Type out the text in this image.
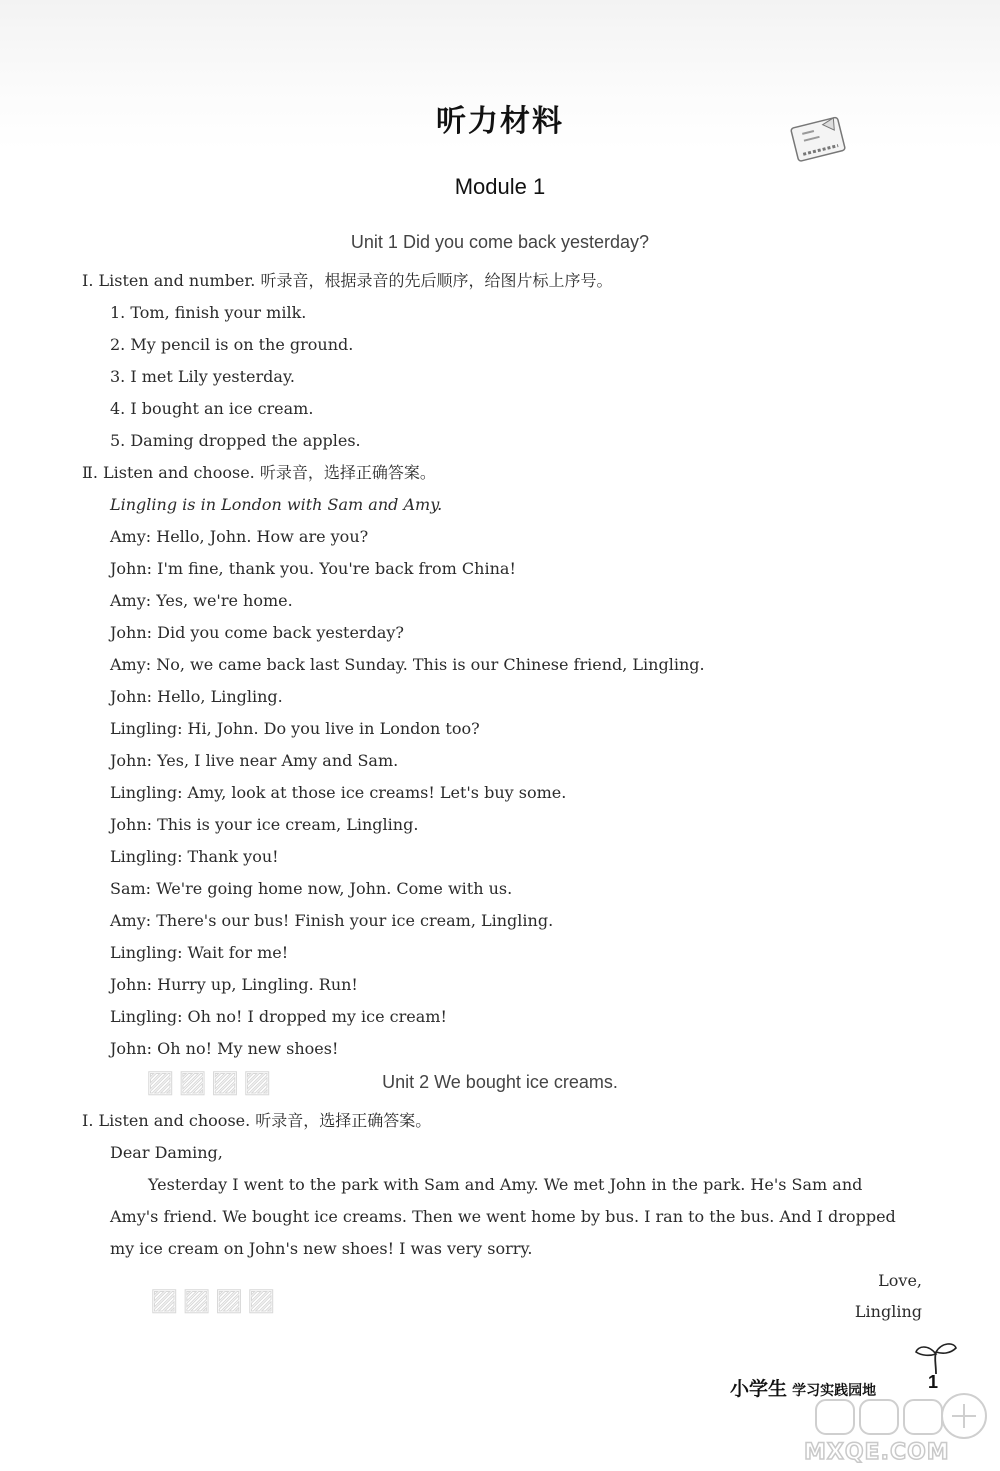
听力材料
Module 1
Unit 1 Did you come back yesterday?
Ⅰ. Listen and number. 听录音，根据录音的先后顺序，给图片标上序号。
1. Tom, finish your milk.
2. My pencil is on the ground.
3. I met Lily yesterday.
4. I bought an ice cream.
5. Daming dropped the apples.
Ⅱ. Listen and choose. 听录音，选择正确答案。
Lingling is in London with Sam and Amy.
Amy: Hello, John. How are you?
John: I'm fine, thank you. You're back from China!
Amy: Yes, we're home.
John: Did you come back yesterday?
Amy: No, we came back last Sunday. This is our Chinese friend, Lingling.
John: Hello, Lingling.
Lingling: Hi, John. Do you live in London too?
John: Yes, I live near Amy and Sam.
Lingling: Amy, look at those ice creams! Let's buy some.
John: This is your ice cream, Lingling.
Lingling: Thank you!
Sam: We're going home now, John. Come with us.
Amy: There's our bus! Finish your ice cream, Lingling.
Lingling: Wait for me!
John: Hurry up, Lingling. Run!
Lingling: Oh no! I dropped my ice cream!
John: Oh no! My new shoes!
▨▨▨▨
▨▨▨▨
Unit 2 We bought ice creams.
Ⅰ. Listen and choose. 听录音，选择正确答案。
Dear Daming,
Yesterday I went to the park with Sam and Amy. We met John in the park. He's Sam and
Amy's friend. We bought ice creams. Then we went home by bus. I ran to the bus. And I dropped
my ice cream on John's new shoes! I was very sorry.
Love,
Lingling
小学生 学习实践园地	1
MXQE.COM
